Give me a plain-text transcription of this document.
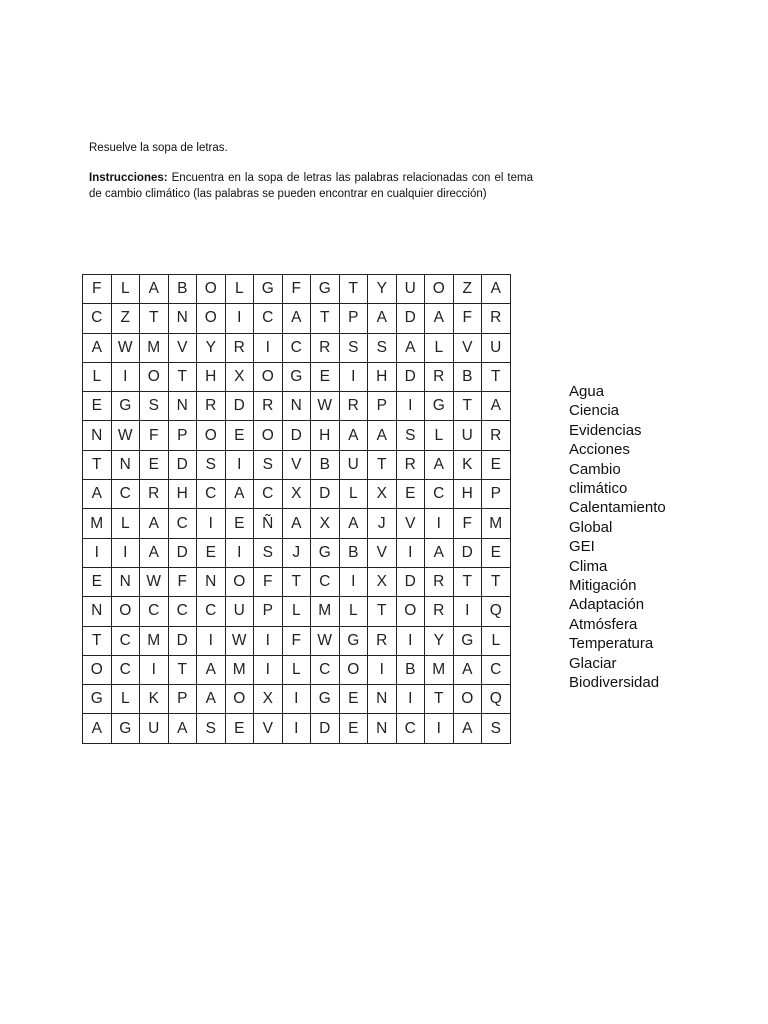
Resuelve la sopa de letras.

Instrucciones: Encuentra en la sopa de letras las palabras relacionadas con el tema de cambio climático (las palabras se pueden encontrar en cualquier dirección)

F	L	A	B	O	L	G	F	G	T	Y	U	O	Z	A
C	Z	T	N	O	I	C	A	T	P	A	D	A	F	R
A	W	M	V	Y	R	I	C	R	S	S	A	L	V	U
L	I	O	T	H	X	O	G	E	I	H	D	R	B	T
E	G	S	N	R	D	R	N	W	R	P	I	G	T	A
N	W	F	P	O	E	O	D	H	A	A	S	L	U	R
T	N	E	D	S	I	S	V	B	U	T	R	A	K	E
A	C	R	H	C	A	C	X	D	L	X	E	C	H	P
M	L	A	C	I	E	Ñ	A	X	A	J	V	I	F	M
I	I	A	D	E	I	S	J	G	B	V	I	A	D	E
E	N	W	F	N	O	F	T	C	I	X	D	R	T	T
N	O	C	C	C	U	P	L	M	L	T	O	R	I	Q
T	C	M	D	I	W	I	F	W	G	R	I	Y	G	L
O	C	I	T	A	M	I	L	C	O	I	B	M	A	C
G	L	K	P	A	O	X	I	G	E	N	I	T	O	Q
A	G	U	A	S	E	V	I	D	E	N	C	I	A	S
Agua
Ciencia
Evidencias
Acciones
Cambio
climático
Calentamiento
Global
GEI
Clima
Mitigación
Adaptación
Atmósfera
Temperatura
Glaciar
Biodiversidad
